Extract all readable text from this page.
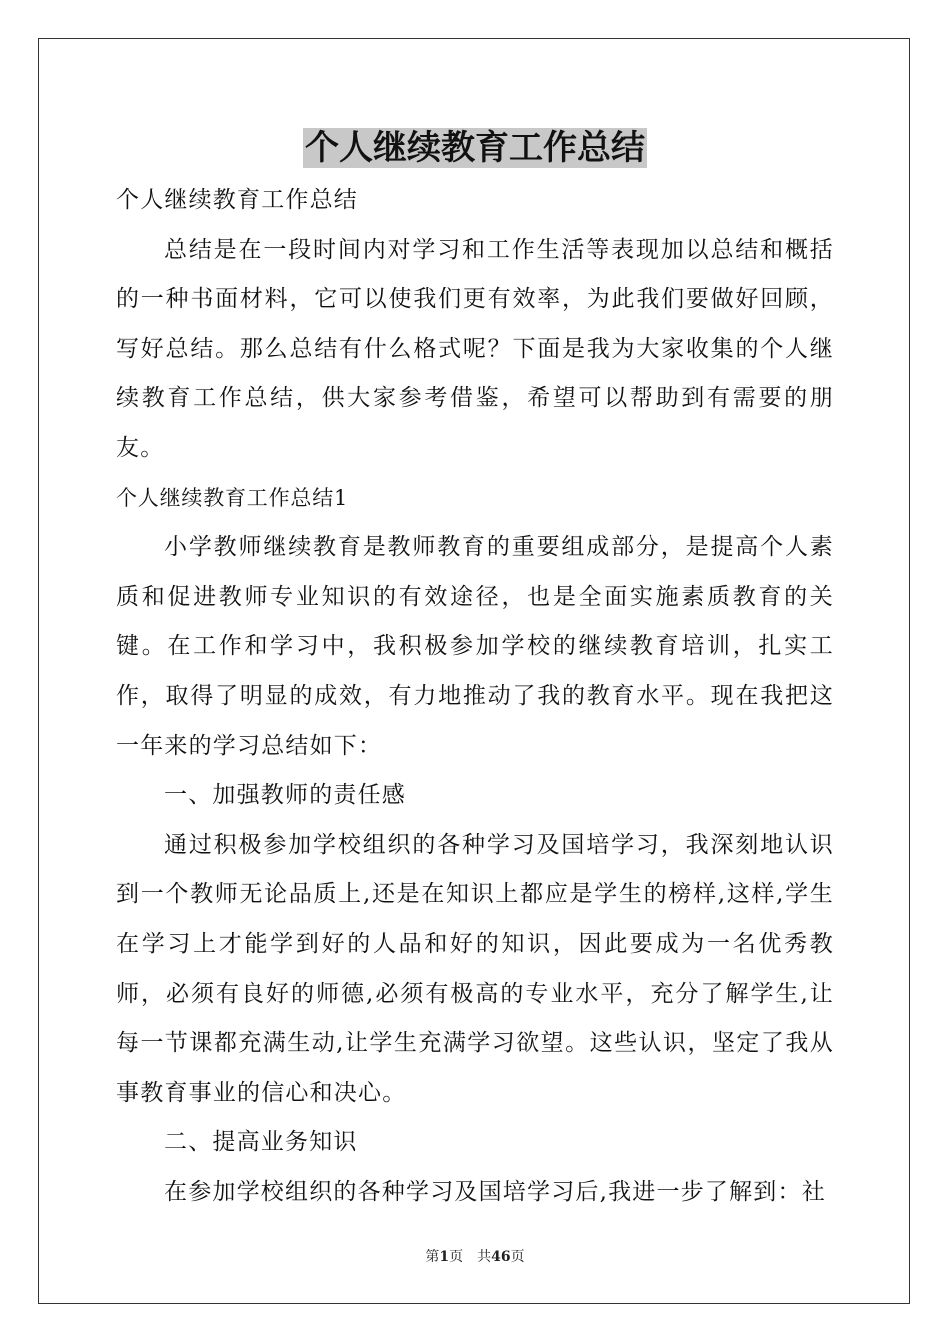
个人继续教育工作总结

个人继续教育工作总结

总结是在一段时间内对学习和工作生活等表现加以总结和概括的一种书面材料，它可以使我们更有效率，为此我们要做好回顾，写好总结。那么总结有什么格式呢？下面是我为大家收集的个人继续教育工作总结，供大家参考借鉴，希望可以帮助到有需要的朋友。

个人继续教育工作总结1

小学教师继续教育是教师教育的重要组成部分，是提高个人素质和促进教师专业知识的有效途径，也是全面实施素质教育的关键。在工作和学习中，我积极参加学校的继续教育培训，扎实工作，取得了明显的成效，有力地推动了我的教育水平。现在我把这一年来的学习总结如下：

一、加强教师的责任感

通过积极参加学校组织的各种学习及国培学习，我深刻地认识到一个教师无论品质上,还是在知识上都应是学生的榜样,这样,学生在学习上才能学到好的人品和好的知识，因此要成为一名优秀教师，必须有良好的师德,必须有极高的专业水平，充分了解学生,让每一节课都充满生动,让学生充满学习欲望。这些认识，坚定了我从事教育事业的信心和决心。

二、提高业务知识

在参加学校组织的各种学习及国培学习后,我进一步了解到：社

第1页 共46页
